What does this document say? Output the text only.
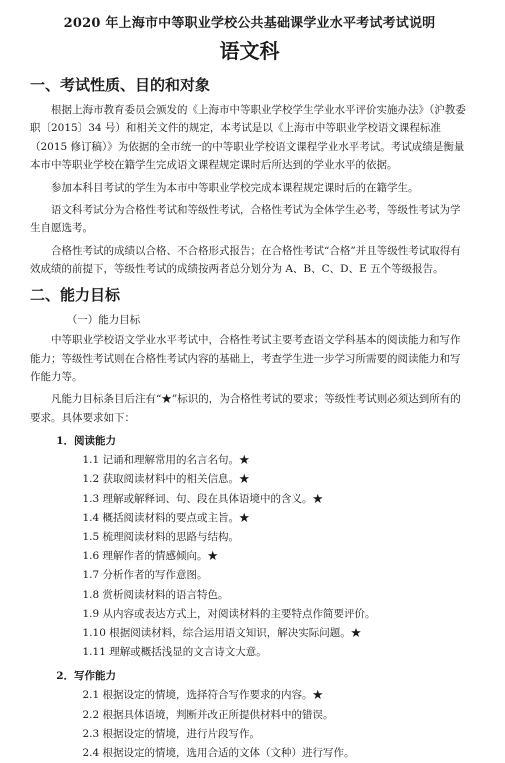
2020 年上海市中等职业学校公共基础课学业水平考试考试说明
语文科
一、考试性质、目的和对象

根据上海市教育委员会颁发的《上海市中等职业学校学生学业水平评价实施办法》（沪教委职〔2015〕34 号）和相关文件的规定，本考试是以《上海市中等职业学校语文课程标准（2015 修订稿）》为依据的全市统一的中等职业学校语文课程学业水平考试。考试成绩是衡量本市中等职业学校在籍学生完成语文课程规定课时后所达到的学业水平的依据。

参加本科目考试的学生为本市中等职业学校完成本课程规定课时后的在籍学生。

语文科考试分为合格性考试和等级性考试，合格性考试为全体学生必考，等级性考试为学生自愿选考。

合格性考试的成绩以合格、不合格形式报告；在合格性考试“合格”并且等级性考试取得有效成绩的前提下，等级性考试的成绩按两者总分划分为 A、B、C、D、E 五个等级报告。

二、能力目标
（一）能力目标

中等职业学校语文学业水平考试中，合格性考试主要考查语文学科基本的阅读能力和写作能力；等级性考试则在合格性考试内容的基础上，考查学生进一步学习所需要的阅读能力和写作能力等。

凡能力目标条目后注有“★”标识的，为合格性考试的要求；等级性考试则必须达到所有的要求。具体要求如下：

1．阅读能力
1.1 记诵和理解常用的名言名句。★
1.2 获取阅读材料中的相关信息。★
1.3 理解或解释词、句、段在具体语境中的含义。★
1.4 概括阅读材料的要点或主旨。★
1.5 梳理阅读材料的思路与结构。
1.6 理解作者的情感倾向。★
1.7 分析作者的写作意图。
1.8 赏析阅读材料的语言特色。
1.9 从内容或表达方式上，对阅读材料的主要特点作简要评价。
1.10 根据阅读材料，综合运用语文知识，解决实际问题。★
1.11 理解或概括浅显的文言诗文大意。
2．写作能力
2.1 根据设定的情境，选择符合写作要求的内容。★
2.2 根据具体语境，判断并改正所提供材料中的错误。
2.3 根据设定的情境，进行片段写作。
2.4 根据设定的情境，选用合适的文体（文种）进行写作。
